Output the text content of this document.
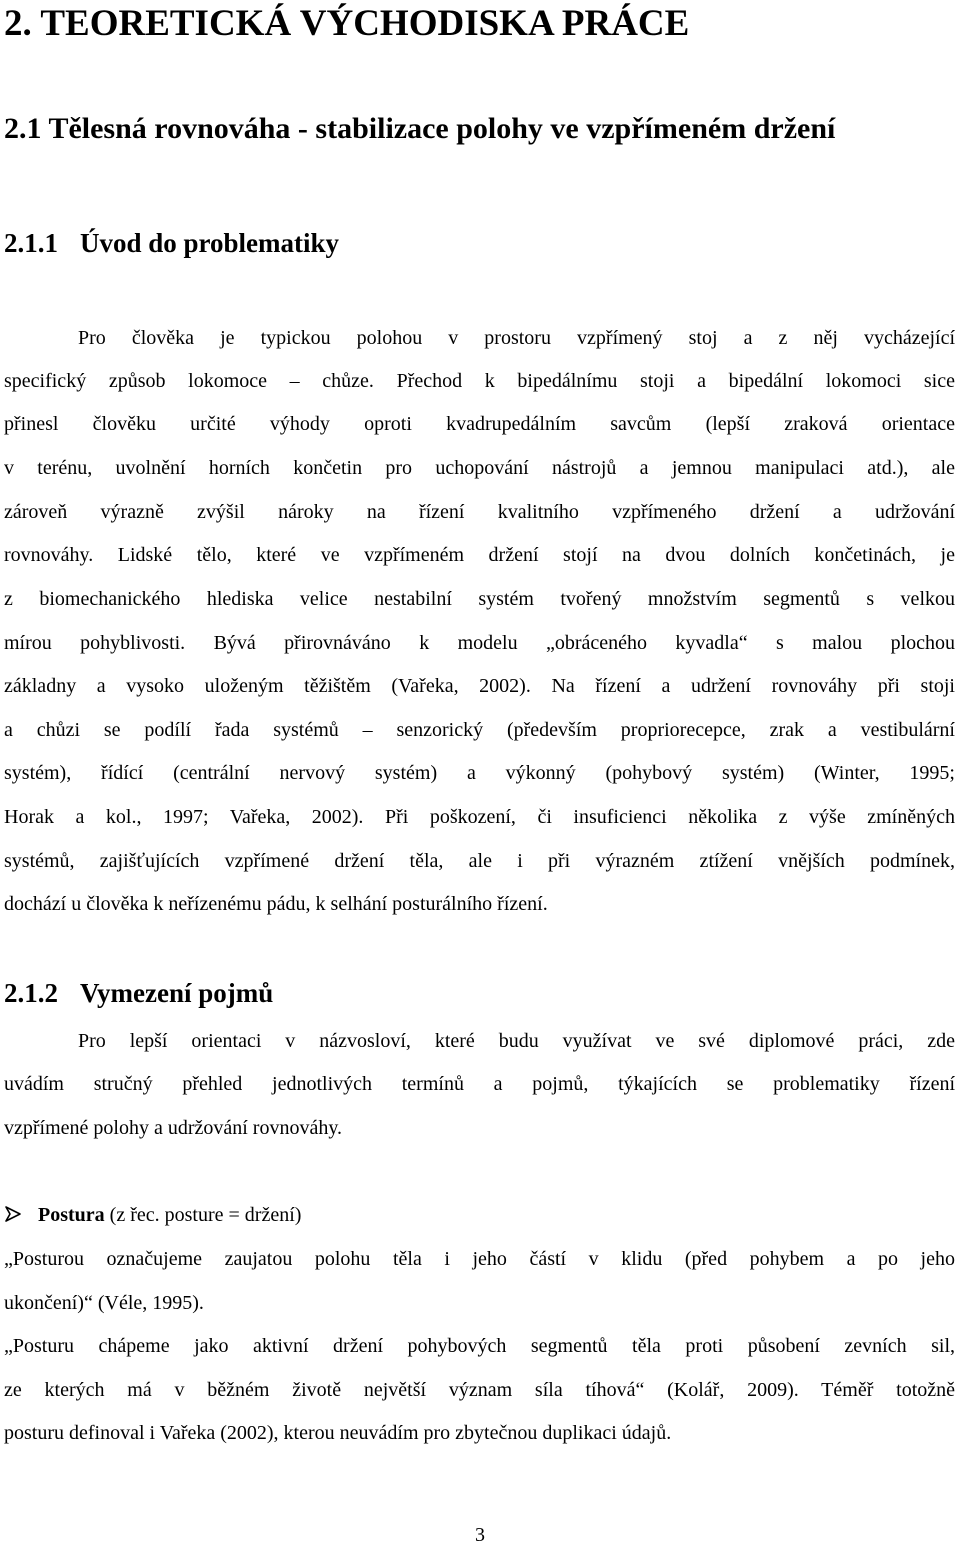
2. TEORETICKÁ VÝCHODISKA PRÁCE
2.1 Tělesná rovnováha - stabilizace polohy ve vzpřímeném držení
2.1.1 Úvod do problematiky
Pro člověka je typickou polohou v prostoru vzpřímený stoj a z něj vycházející
specifický způsob lokomoce – chůze. Přechod k bipedálnímu stoji a bipedální lokomoci sice
přinesl člověku určité výhody oproti kvadrupedálním savcům (lepší zraková orientace
v terénu, uvolnění horních končetin pro uchopování nástrojů a jemnou manipulaci atd.), ale
zároveň výrazně zvýšil nároky na řízení kvalitního vzpřímeného držení a udržování
rovnováhy. Lidské tělo, které ve vzpřímeném držení stojí na dvou dolních končetinách, je
z biomechanického hlediska velice nestabilní systém tvořený množstvím segmentů s velkou
mírou pohyblivosti. Bývá přirovnáváno k modelu „obráceného kyvadla“ s malou plochou
základny a vysoko uloženým těžištěm (Vařeka, 2002). Na řízení a udržení rovnováhy při stoji
a chůzi se podílí řada systémů – senzorický (především propriorecepce, zrak a vestibulární
systém), řídící (centrální nervový systém) a výkonný (pohybový systém) (Winter, 1995;
Horak a kol., 1997; Vařeka, 2002). Při poškození, či insuficienci několika z výše zmíněných
systémů, zajišťujících vzpřímené držení těla, ale i při výrazném ztížení vnějších podmínek,
dochází u člověka k neřízenému pádu, k selhání posturálního řízení.
2.1.2 Vymezení pojmů
Pro lepší orientaci v názvosloví, které budu využívat ve své diplomové práci, zde
uvádím stručný přehled jednotlivých termínů a pojmů, týkajících se problematiky řízení
vzpřímené polohy a udržování rovnováhy.
Postura (z řec. posture = držení)
„Posturou označujeme zaujatou polohu těla i jeho částí v klidu (před pohybem a po jeho
ukončení)“ (Véle, 1995).
„Posturu chápeme jako aktivní držení pohybových segmentů těla proti působení zevních sil,
ze kterých má v běžném životě největší význam síla tíhová“ (Kolář, 2009). Téměř totožně
posturu definoval i Vařeka (2002), kterou neuvádím pro zbytečnou duplikaci údajů.
3
